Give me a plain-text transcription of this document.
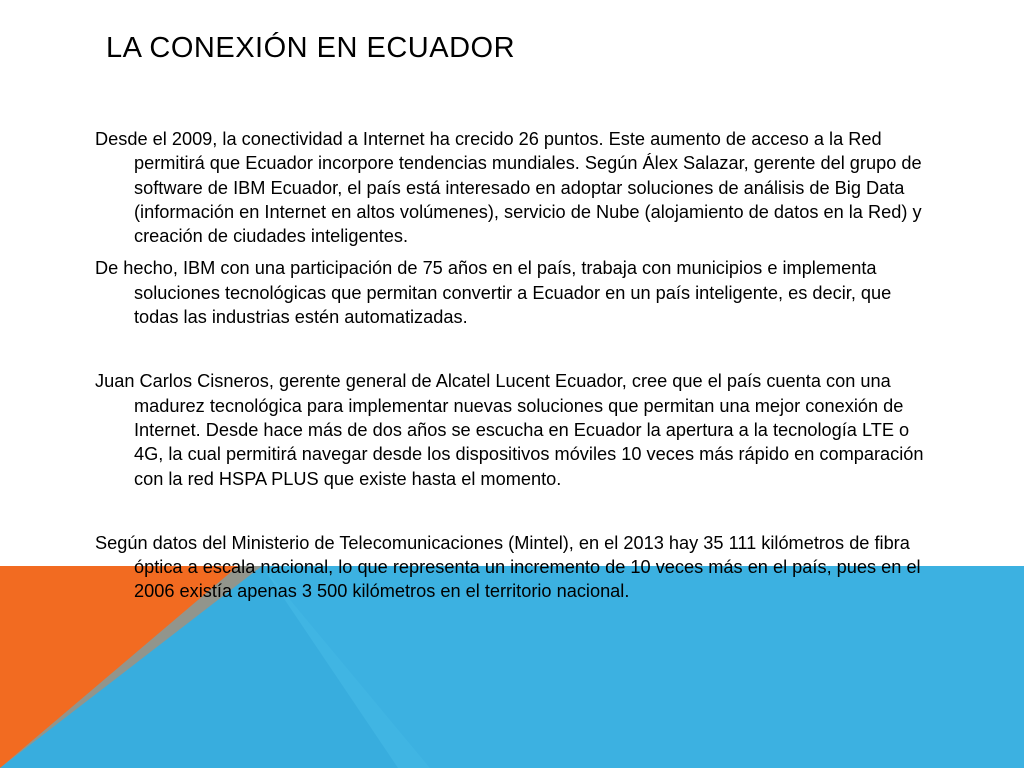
LA CONEXIÓN EN ECUADOR

Desde el 2009, la conectividad a Internet ha crecido 26 puntos. Este aumento de acceso a la Red permitirá que Ecuador incorpore tendencias mundiales. Según Álex Salazar, gerente del grupo de software de IBM Ecuador, el país está interesado en adoptar soluciones de análisis de Big Data (información en Internet en altos volúmenes), servicio de Nube (alojamiento de datos en la Red) y creación de ciudades inteligentes.

De hecho, IBM con una participación de 75 años en el país, trabaja con municipios e implementa soluciones tecnológicas que permitan convertir a Ecuador en un país inteligente, es decir, que todas las industrias estén automatizadas.

Juan Carlos Cisneros, gerente general de Alcatel Lucent Ecuador, cree que el país cuenta con una madurez tecnológica para implementar nuevas soluciones que permitan una mejor conexión de Internet. Desde hace más de dos años se escucha en Ecuador la apertura a la tecnología LTE o 4G, la cual permitirá navegar desde los dispositivos móviles 10 veces más rápido en comparación con la red HSPA PLUS que existe hasta el momento.

Según datos del Ministerio de Telecomunicaciones (Mintel), en el 2013 hay 35 111 kilómetros de fibra óptica a escala nacional, lo que representa un incremento de 10 veces más en el país, pues en el 2006 existía apenas 3 500 kilómetros en el territorio nacional.
